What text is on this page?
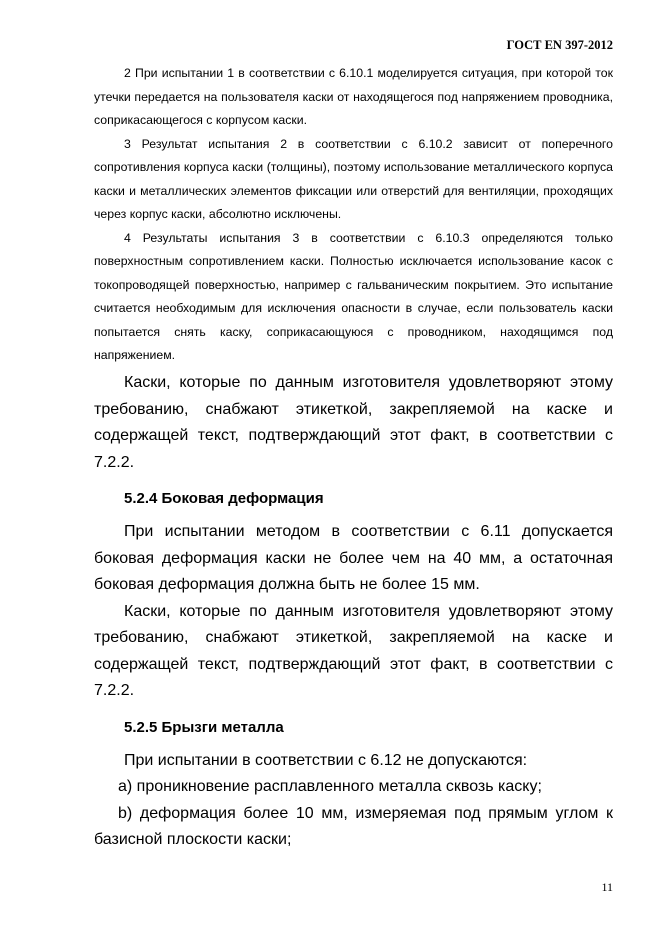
ГОСТ EN 397-2012

2 При испытании 1 в соответствии с 6.10.1 моделируется ситуация, при которой ток утечки передается на пользователя каски от находящегося под напряжением проводника, соприкасающегося с корпусом каски.

3 Результат испытания 2 в соответствии с 6.10.2 зависит от поперечного сопротивления корпуса каски (толщины), поэтому использование металлического корпуса каски и металлических элементов фиксации или отверстий для вентиляции, проходящих через корпус каски, абсолютно исключены.

4 Результаты испытания 3 в соответствии с 6.10.3 определяются только поверхностным сопротивлением каски. Полностью исключается использование касок с токопроводящей поверхностью, например с гальваническим покрытием. Это испытание считается необходимым для исключения опасности в случае, если пользователь каски попытается снять каску, соприкасающуюся с проводником, находящимся под напряжением.

Каски, которые по данным изготовителя удовлетворяют этому требованию, снабжают этикеткой, закрепляемой на каске и содержащей текст, подтверждающий этот факт, в соответствии с 7.2.2.

5.2.4 Боковая деформация

При испытании методом в соответствии с 6.11 допускается боковая деформация каски не более чем на 40 мм, а остаточная боковая деформация должна быть не более 15 мм.

Каски, которые по данным изготовителя удовлетворяют этому требованию, снабжают этикеткой, закрепляемой на каске и содержащей текст, подтверждающий этот факт, в соответствии с 7.2.2.

5.2.5 Брызги металла

При испытании в соответствии с 6.12 не допускаются:

a) проникновение расплавленного металла сквозь каску;

b) деформация более 10 мм, измеряемая под прямым углом к базисной плоскости каски;

11
